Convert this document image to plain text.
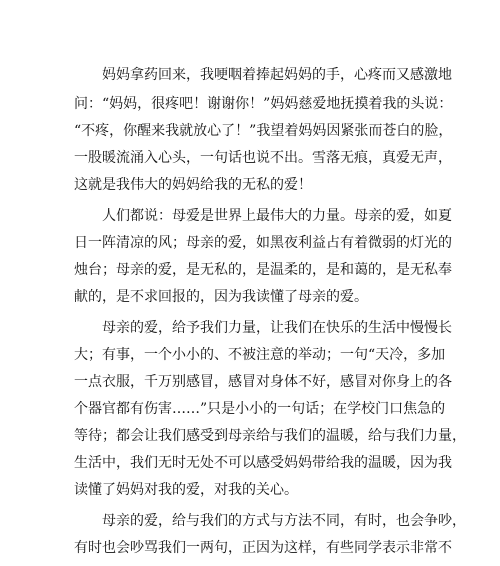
妈妈拿药回来，我哽咽着捧起妈妈的手，心疼而又感激地
问：“妈妈，很疼吧！谢谢你！”妈妈慈爱地抚摸着我的头说：
“不疼，你醒来我就放心了！”我望着妈妈因紧张而苍白的脸，
一股暖流涌入心头，一句话也说不出。雪落无痕，真爱无声，
这就是我伟大的妈妈给我的无私的爱！
人们都说：母爱是世界上最伟大的力量。母亲的爱，如夏
日一阵清凉的风；母亲的爱，如黑夜利益占有着微弱的灯光的
烛台；母亲的爱，是无私的，是温柔的，是和蔼的，是无私奉
献的，是不求回报的，因为我读懂了母亲的爱。
母亲的爱，给予我们力量，让我们在快乐的生活中慢慢长
大；有事，一个小小的、不被注意的举动；一句“天冷，多加
一点衣服，千万别感冒，感冒对身体不好，感冒对你身上的各
个器官都有伤害……”只是小小的一句话；在学校门口焦急的
等待；都会让我们感受到母亲给与我们的温暖，给与我们力量，
生活中，我们无时无处不可以感受妈妈带给我的温暖，因为我
读懂了妈妈对我的爱，对我的关心。
母亲的爱，给与我们的方式与方法不同，有时，也会争吵，
有时也会吵骂我们一两句，正因为这样，有些同学表示非常不
